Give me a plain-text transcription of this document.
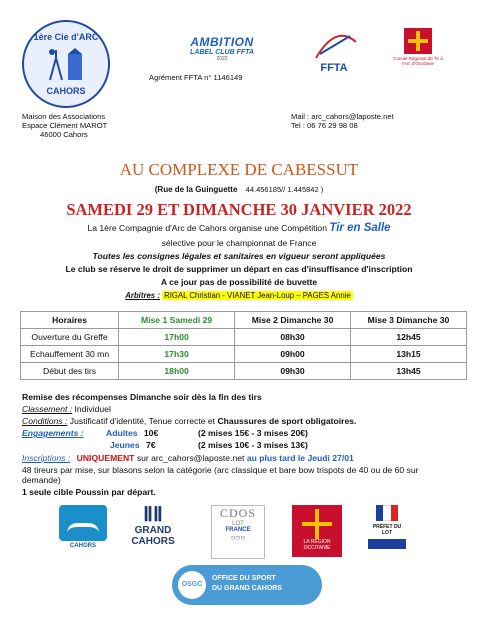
1ère Cie d'ARC
CAHORS
AMBITION
LABEL CLUB FFTA
2022
FFTA
Comité Régional de Tir à l'Arc d'Occitanie
Agrément FFTA n° 1146149
Maison des Associations
Espace Clément MAROT
46000 Cahors
Mail : arc_cahors@laposte.net
Tel : 06 76 29 98 08
AU COMPLEXE DE CABESSUT
(Rue de la Guinguette 44.456185// 1.445842 )
SAMEDI 29 ET DIMANCHE 30 JANVIER 2022
La 1ère Compagnie d'Arc de Cahors organise une Compétition Tir en Salle
sélective pour le championnat de France
Toutes les consignes légales et sanitaires en vigueur seront appliquées
Le club se réserve le droit de supprimer un départ en cas d'insuffisance d'inscription
A ce jour pas de possibilité de buvette
Arbitres : RIGAL Christian - VIANET Jean-Loup – PAGES Annie
Horaires	Mise 1 Samedi 29	Mise 2 Dimanche 30	Mise 3 Dimanche 30
Ouverture du Greffe	17h00	08h30	12h45
Echauffement 30 mn	17h30	09h00	13h15
Début des tirs	18h00	09h30	13h45
Remise des récompenses Dimanche soir dès la fin des tirs
Classement : Individuel
Conditions : Justificatif d'identité, Tenue correcte et Chaussures de sport obligatoires.
Engagements :	Adultes 10€	(2 mises 15€ - 3 mises 20€)
Jeunes 7€	(2 mises 10€ - 3 mises 13€)
Inscriptions : UNIQUEMENT sur arc_cahors@laposte.net au plus tard le Jeudi 27/01
48 tireurs par mise, sur blasons selon la catégorie (arc classique et bare bow trispots de 40 ou de 60 sur demande)
1 seule cible Poussin par départ.
CAHORS
ⅡⅡ
GRAND
CAHORS
CDOS
LOT
FRANCE
○○○	LA RÉGION OCCITANIE
PRÉFET DU LOT
OSGC
OFFICE DU SPORT
DU GRAND CAHORS
